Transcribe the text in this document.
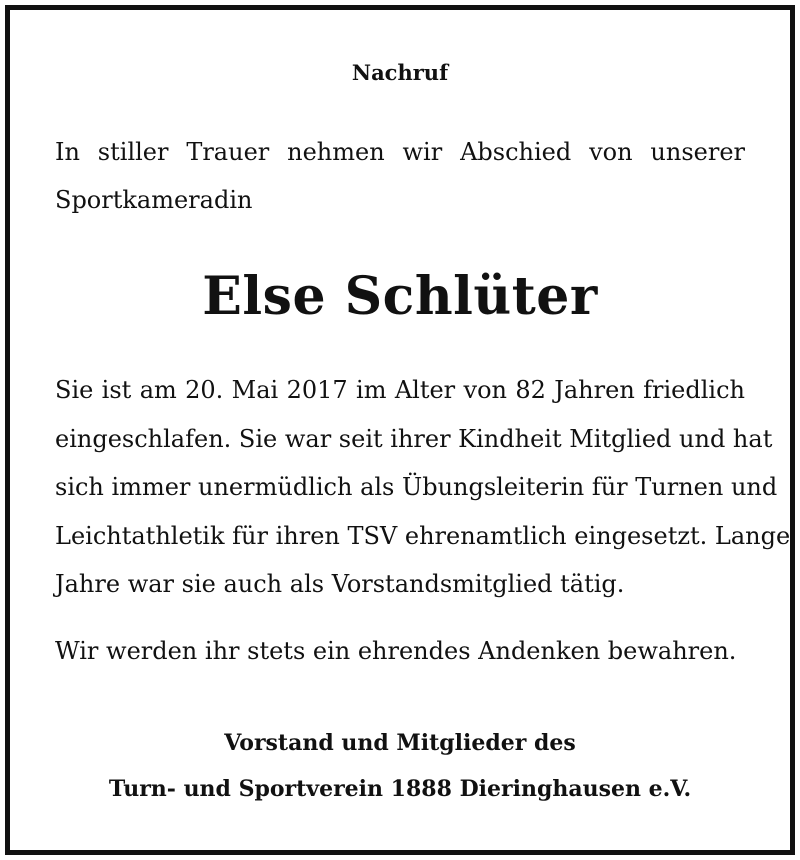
Nachruf
In stiller Trauer nehmen wir Abschied von unserer
Sportkameradin
Else Schlüter
Sie ist am 20. Mai 2017 im Alter von 82 Jahren friedlich
eingeschlafen. Sie war seit ihrer Kindheit Mitglied und hat
sich immer unermüdlich als Übungsleiterin für Turnen und
Leichtathletik für ihren TSV ehrenamtlich eingesetzt. Lange
Jahre war sie auch als Vorstandsmitglied tätig.
Wir werden ihr stets ein ehrendes Andenken bewahren.
Vorstand und Mitglieder des
Turn- und Sportverein 1888 Dieringhausen e.V.
